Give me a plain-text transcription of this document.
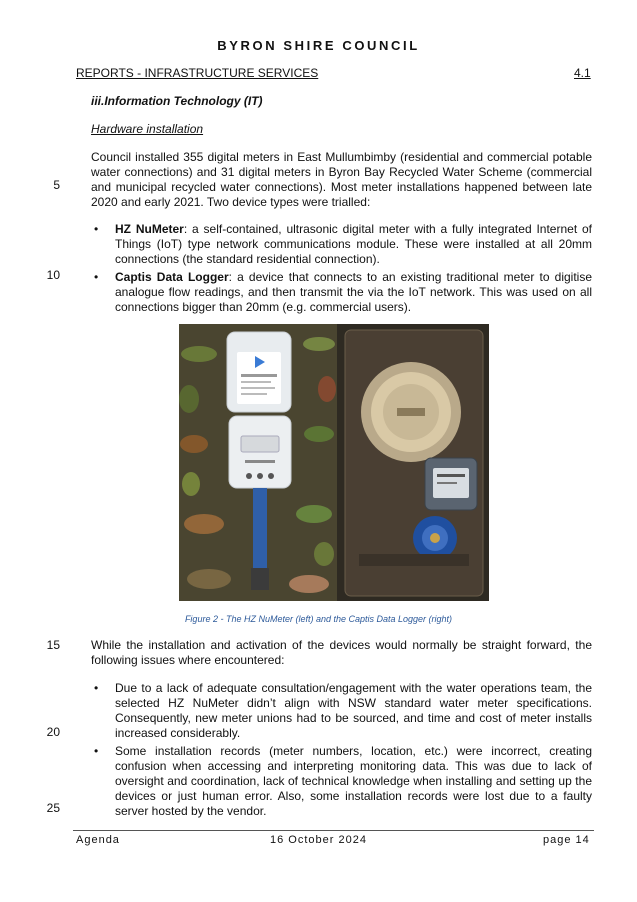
BYRON SHIRE COUNCIL
REPORTS - INFRASTRUCTURE SERVICES	4.1
iii.Information Technology (IT)
Hardware installation
Council installed 355 digital meters in East Mullumbimby (residential and commercial potable water connections) and 31 digital meters in Byron Bay Recycled Water Scheme (commercial and municipal recycled water connections). Most meter installations happened between late 2020 and early 2021. Two device types were trialled:
• HZ NuMeter: a self-contained, ultrasonic digital meter with a fully integrated Internet of Things (IoT) type network communications module. These were installed at all 20mm connections (the standard residential connection).
• Captis Data Logger: a device that connects to an existing traditional meter to digitise analogue flow readings, and then transmit the via the IoT network. This was used on all connections bigger than 20mm (e.g. commercial users).
Figure 2 - The HZ NuMeter (left) and the Captis Data Logger (right)
While the installation and activation of the devices would normally be straight forward, the following issues where encountered:
• Due to a lack of adequate consultation/engagement with the water operations team, the selected HZ NuMeter didn’t align with NSW standard water meter specifications. Consequently, new meter unions had to be sourced, and time and cost of meter installs increased considerably.
• Some installation records (meter numbers, location, etc.) were incorrect, creating confusion when accessing and interpreting monitoring data. This was due to lack of oversight and coordination, lack of technical knowledge when installing and setting up the devices or just human error. Also, some installation records were lost due to a faulty server hosted by the vendor.
5
10
15
20
25
Agenda	16 October 2024	page 14
